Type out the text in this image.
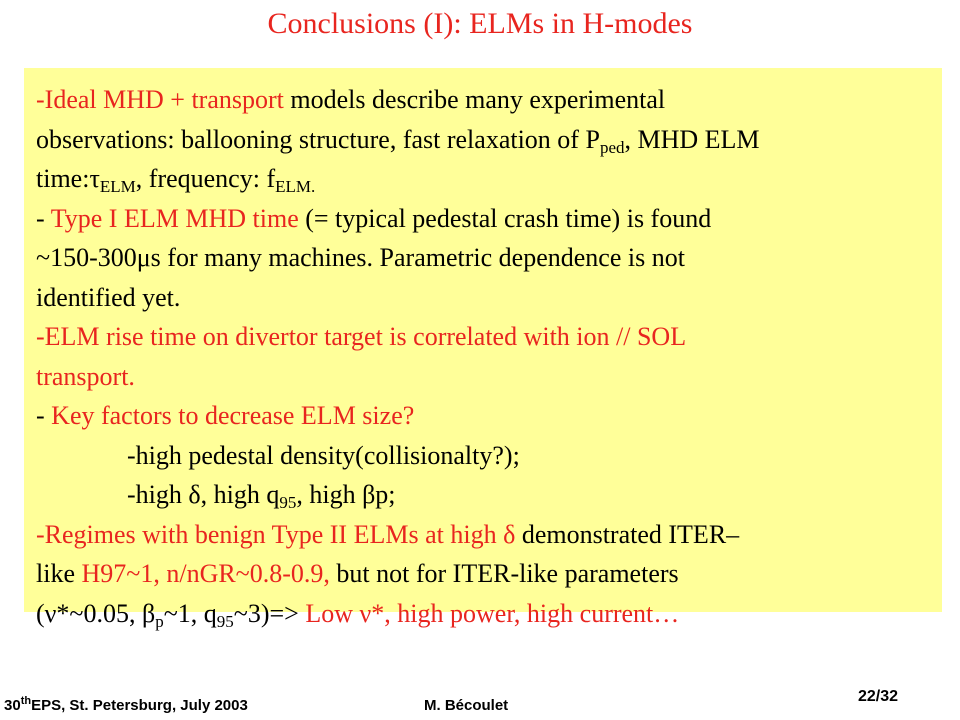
Conclusions (I): ELMs in H-modes
-Ideal MHD + transport models describe many experimental
observations: ballooning structure, fast relaxation of $P_{ped}$, MHD ELM
$time:\tau_{ELM}$, frequency: $f_{ELM.}$
- Type I ELM MHD time (= typical pedestal crash time) is found
~150-300μs for many machines. Parametric dependence is not
identified yet.
-ELM rise time on divertor target is correlated with ion // SOL
transport.
- Key factors to decrease ELM size?
-high pedestal density(collisionalty?);
-high δ, high $q_{95}$, high βp;
-Regimes with benign Type II ELMs at high δ demonstrated ITER–
like H97~1, n/nGR~0.8-0.9, but not for ITER-like parameters
(ν*~0.05, $\beta_p\sim 1$, $q_{95}\sim 3)=>$ Low ν*, high power, high current…
30thEPS, St. Petersburg, July 2003	M. Bécoulet
22/32
